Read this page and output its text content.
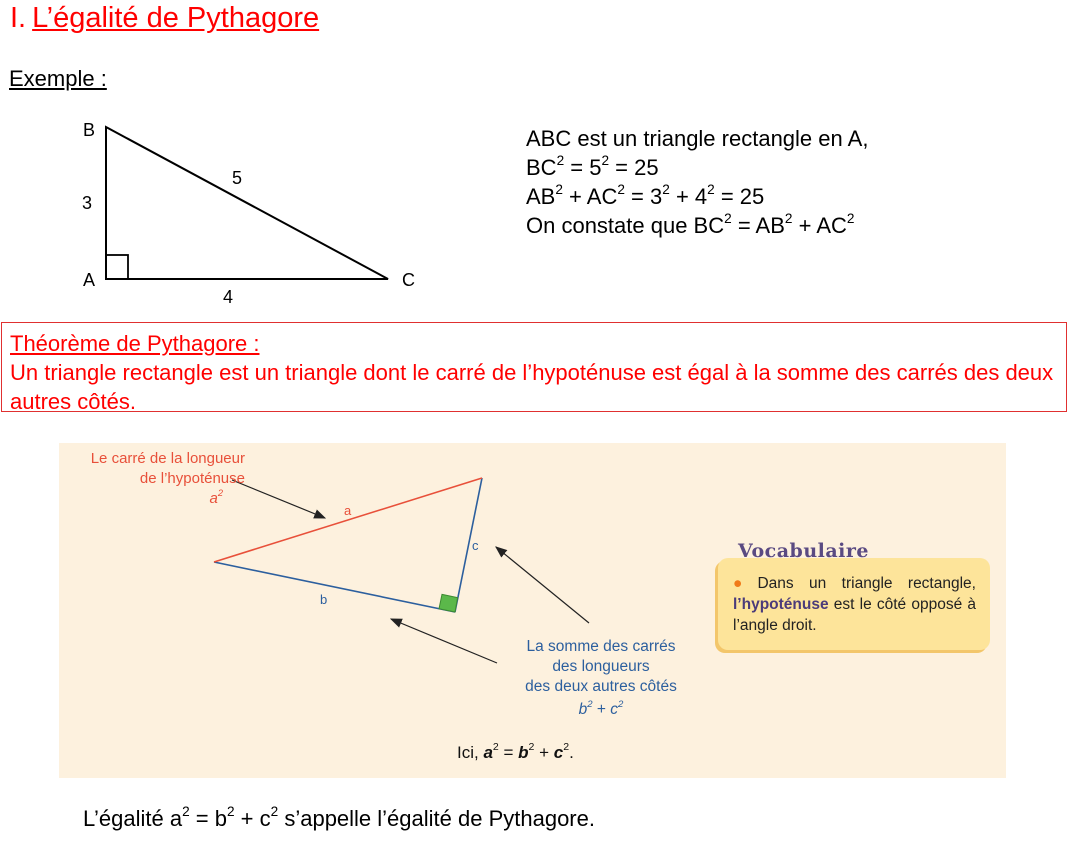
I. L’égalité de Pythagore
Exemple :
B
A	C
3
5
4
ABC est un triangle rectangle en A,
$BC^2 = 5^2 = 25$
$AB^2 + AC^2 = 3^2 + 4^2 = 25$
On constate que $BC^2 = AB^2 + AC^2$
Théorème de Pythagore :
Un triangle rectangle est un triangle dont le carré de l’hypoténuse est égal à la somme des carrés des deux autres côtés.
a
b
c
Le carré de la longueur
de l’hypoténuse
$a^2$
La somme des carrés
des longueurs
des deux autres côtés
$b^2 + c^2$
Ici, $a^2 = b^2 + c^2$.
Vocabulaire
● Dans un triangle rectangle, l’hypoténuse est le côté opposé à l’angle droit.
L’égalité $a^2 = b^2 + c^2$ s’appelle l’égalité de Pythagore.
